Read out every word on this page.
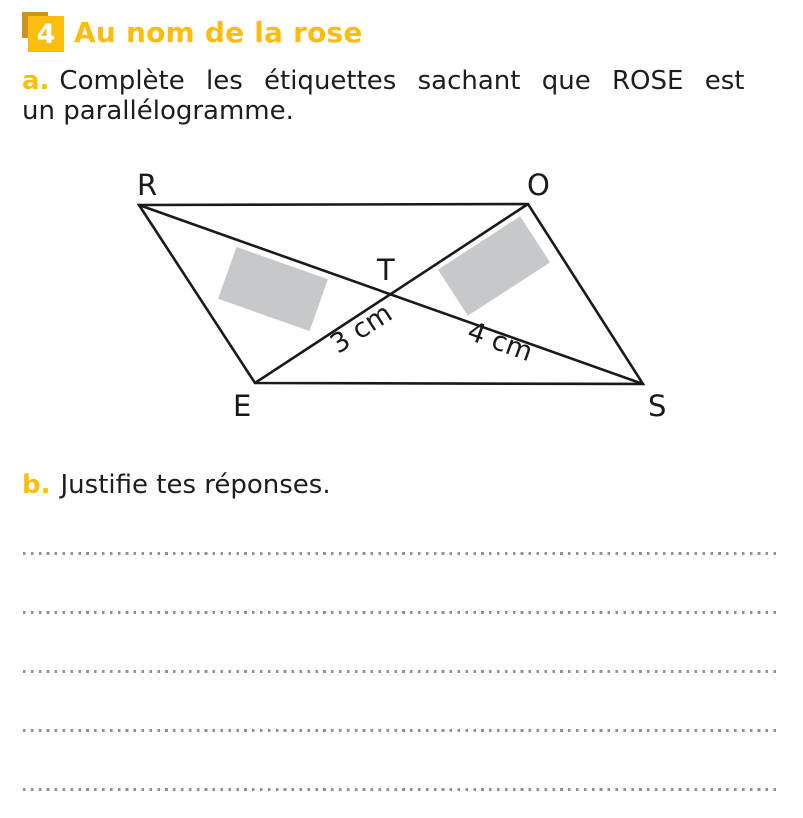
4 Au nom de la rose

a. Complète les étiquettes sachant que ROSE est

un parallélogramme.

R	O
T
E	S
3 cm 4 cm

b. Justifie tes réponses.
